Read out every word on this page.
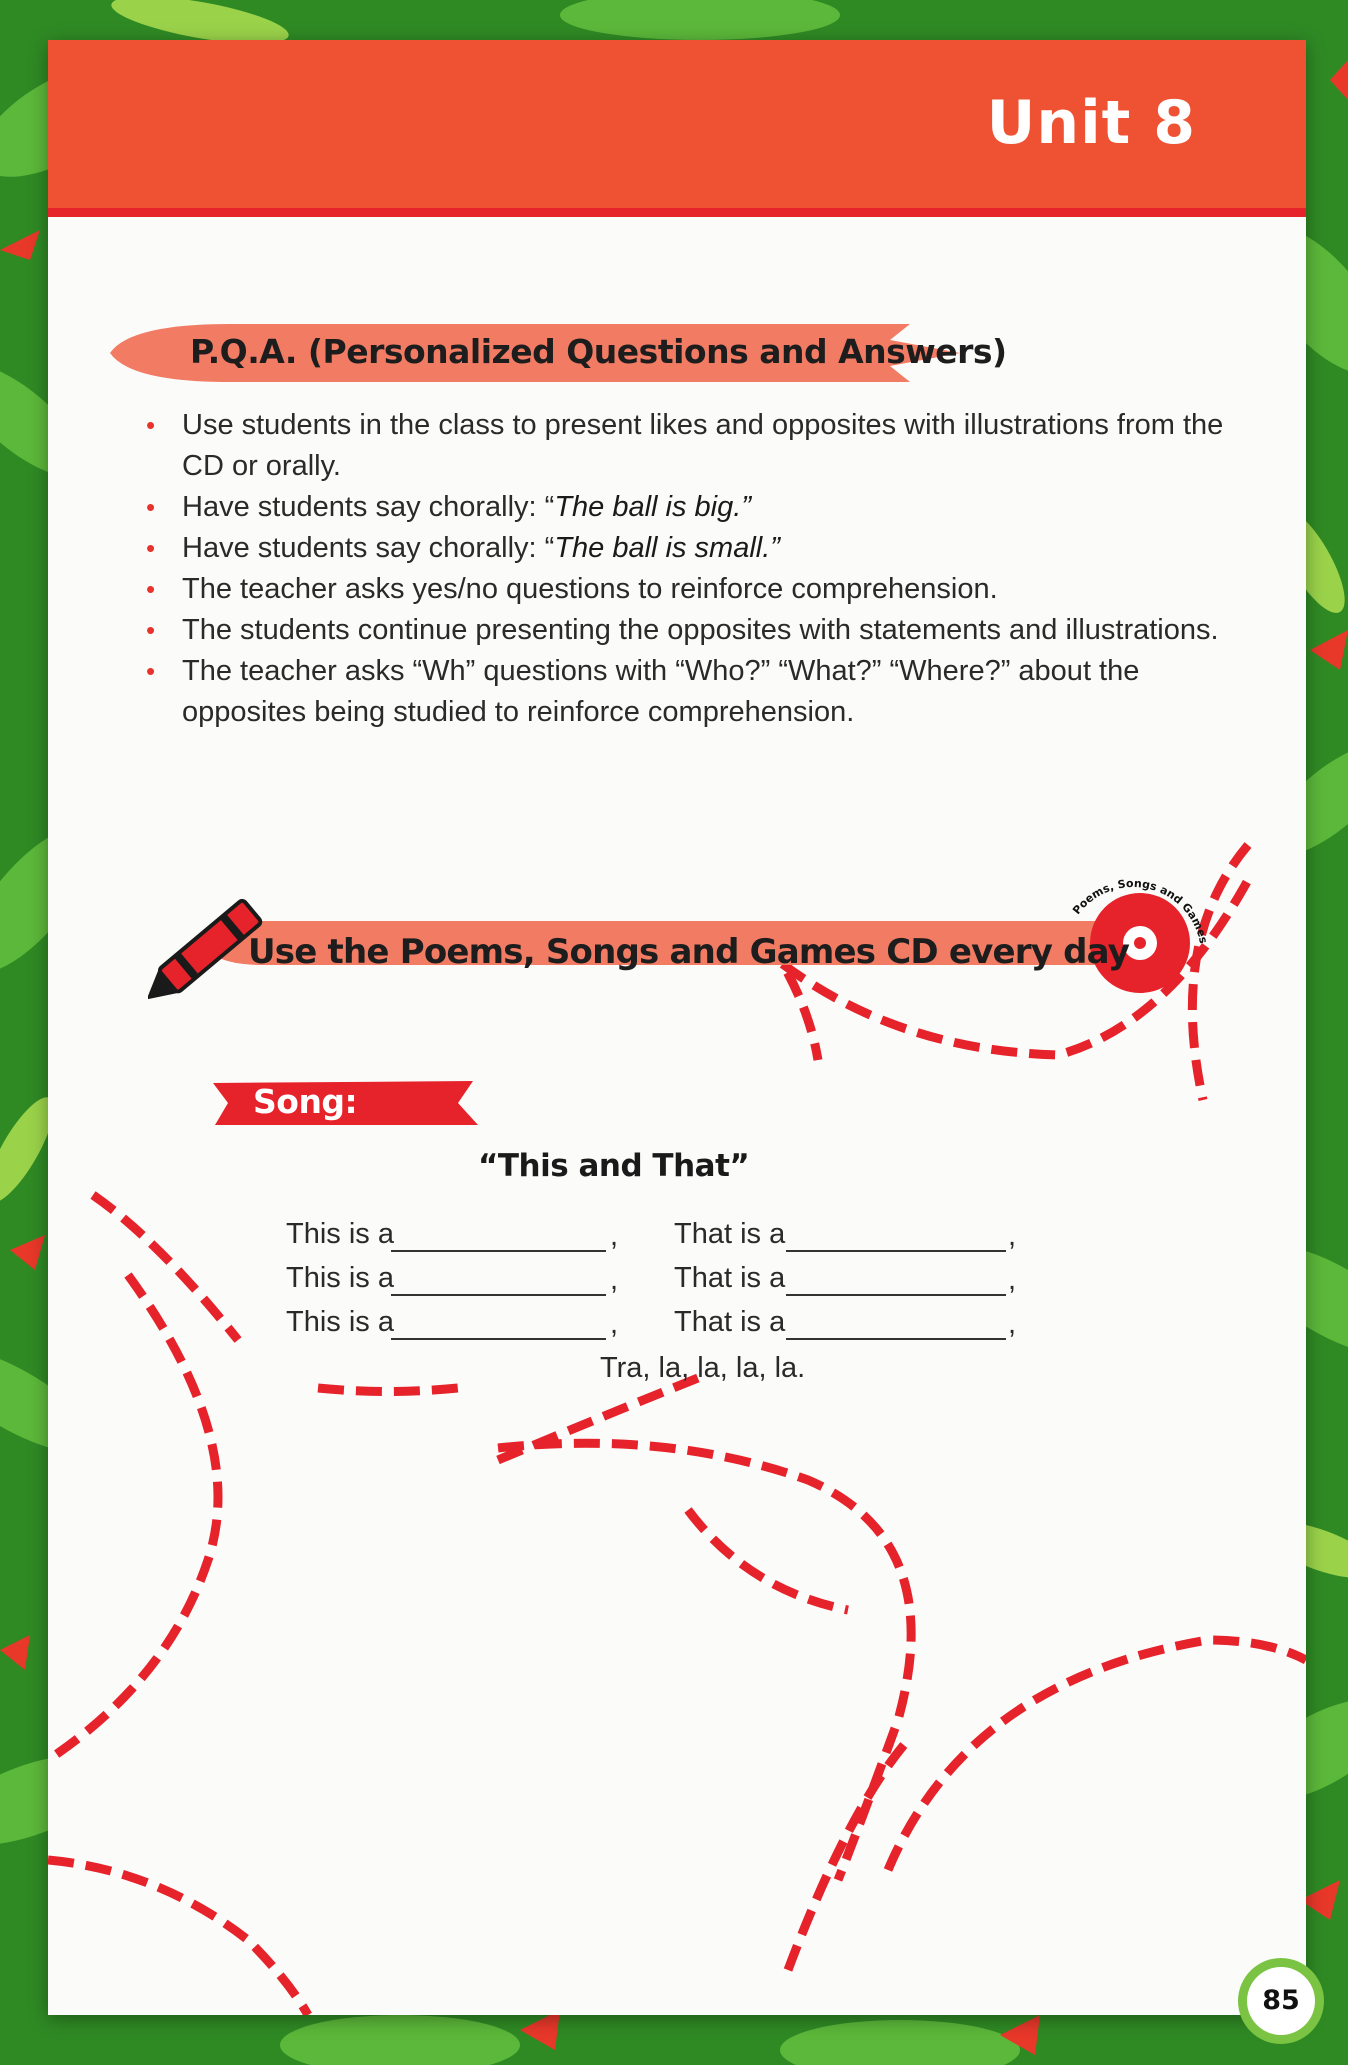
Unit 8
P.Q.A. (Personalized Questions and Answers)
• Use students in the class to present likes and opposites with illustrations from the CD or orally.
• Have students say chorally: “The ball is big.”
• Have students say chorally: “The ball is small.”
• The teacher asks yes/no questions to reinforce comprehension.
• The students continue presenting the opposites with statements and illustrations.
• The teacher asks “Wh” questions with “Who?” “What?” “Where?” about the opposites being studied to reinforce comprehension.
Poems, Songs and Games
Use the Poems, Songs and Games CD every day
Song:
“This and That”
This is a	, That is a	,
This is a	, That is a	,
This is a	, That is a	,
Tra, la, la, la, la.
85
